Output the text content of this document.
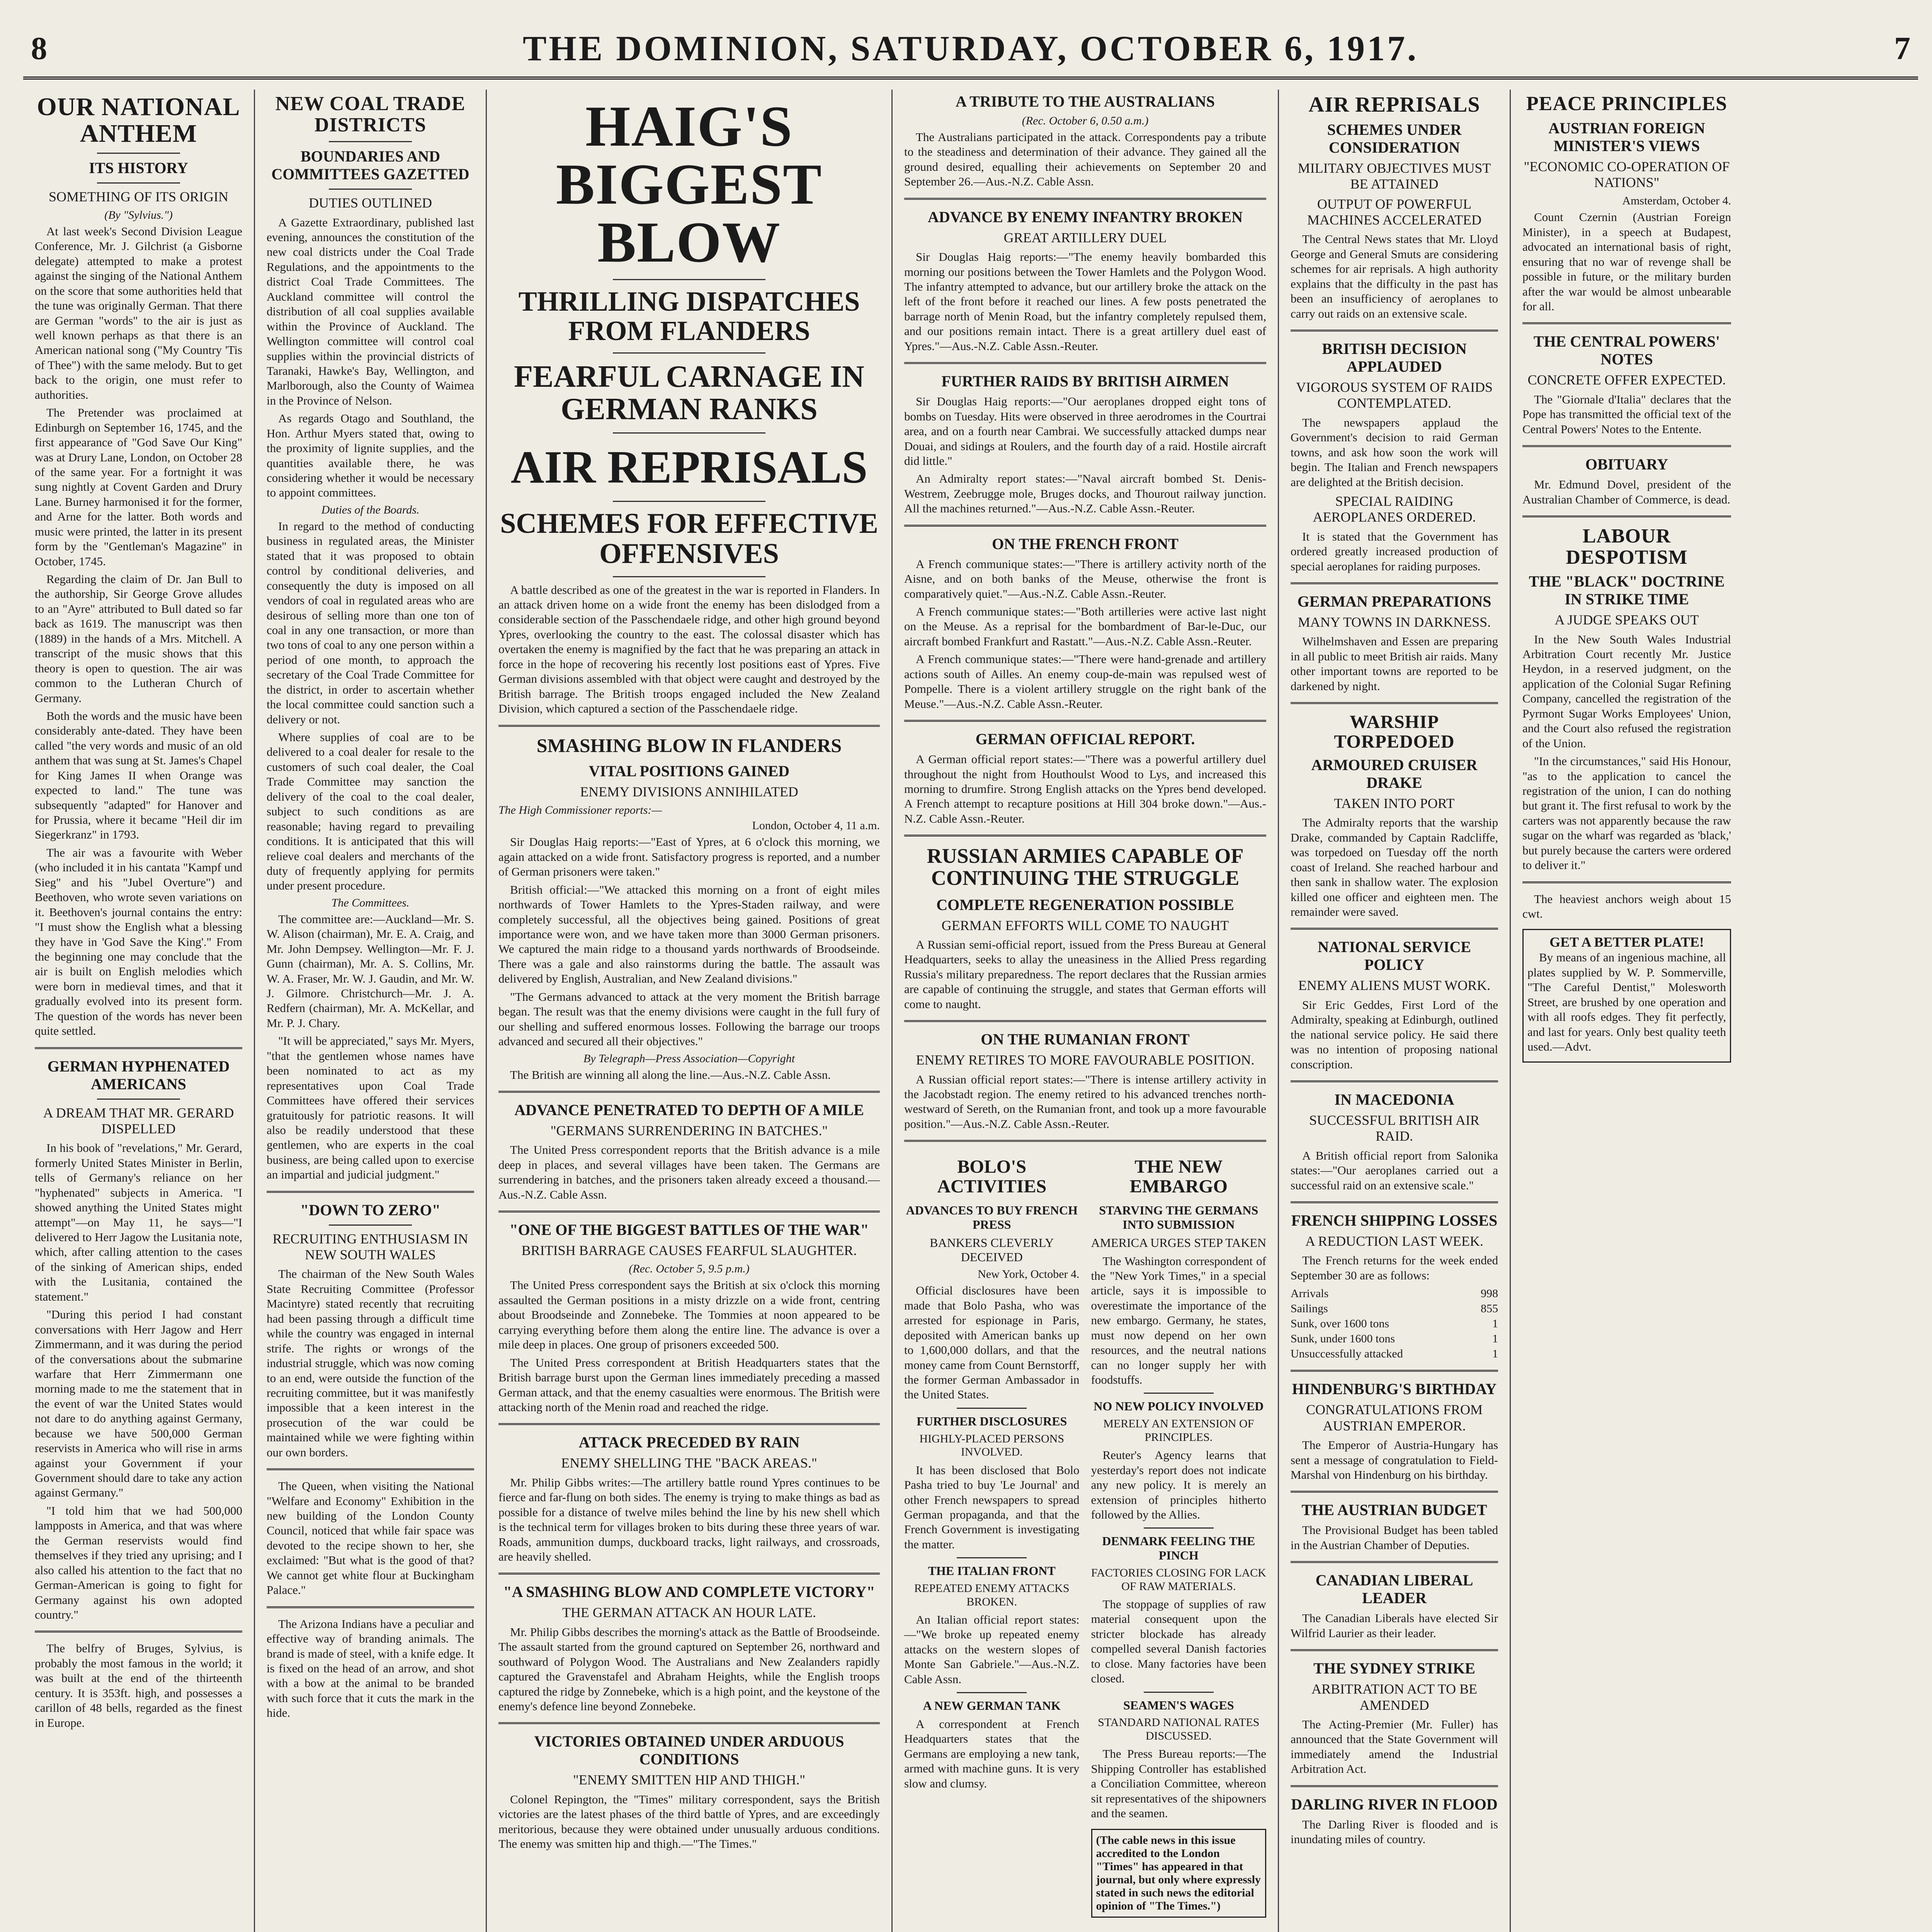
8	THE DOMINION, SATURDAY, OCTOBER 6, 1917.	7
OUR NATIONAL ANTHEM
ITS HISTORY
SOMETHING OF ITS ORIGIN
(By "Sylvius.")

At last week's Second Division League Conference, Mr. J. Gilchrist (a Gisborne delegate) attempted to make a protest against the singing of the National Anthem on the score that some authorities held that the tune was originally German. That there are German "words" to the air is just as well known perhaps as that there is an American national song ("My Country 'Tis of Thee") with the same melody. But to get back to the origin, one must refer to authorities.

The Pretender was proclaimed at Edinburgh on September 16, 1745, and the first appearance of "God Save Our King" was at Drury Lane, London, on October 28 of the same year. For a fortnight it was sung nightly at Covent Garden and Drury Lane. Burney harmonised it for the former, and Arne for the latter. Both words and music were printed, the latter in its present form by the "Gentleman's Magazine" in October, 1745.

Regarding the claim of Dr. Jan Bull to the authorship, Sir George Grove alludes to an "Ayre" attributed to Bull dated so far back as 1619. The manuscript was then (1889) in the hands of a Mrs. Mitchell. A transcript of the music shows that this theory is open to question. The air was common to the Lutheran Church of Germany.

Both the words and the music have been considerably ante-dated. They have been called "the very words and music of an old anthem that was sung at St. James's Chapel for King James II when Orange was expected to land." The tune was subsequently "adapted" for Hanover and for Prussia, where it became "Heil dir im Siegerkranz" in 1793.

The air was a favourite with Weber (who included it in his cantata "Kampf und Sieg" and his "Jubel Overture") and Beethoven, who wrote seven variations on it. Beethoven's journal contains the entry: "I must show the English what a blessing they have in 'God Save the King'." From the beginning one may conclude that the air is built on English melodies which were born in medieval times, and that it gradually evolved into its present form. The question of the words has never been quite settled.

GERMAN HYPHENATED AMERICANS
A DREAM THAT MR. GERARD DISPELLED

In his book of "revelations," Mr. Gerard, formerly United States Minister in Berlin, tells of Germany's reliance on her "hyphenated" subjects in America. "I showed anything the United States might attempt"—on May 11, he says—"I delivered to Herr Jagow the Lusitania note, which, after calling attention to the cases of the sinking of American ships, ended with the Lusitania, contained the statement."

"During this period I had constant conversations with Herr Jagow and Herr Zimmermann, and it was during the period of the conversations about the submarine warfare that Herr Zimmermann one morning made to me the statement that in the event of war the United States would not dare to do anything against Germany, because we have 500,000 German reservists in America who will rise in arms against your Government if your Government should dare to take any action against Germany."

"I told him that we had 500,000 lampposts in America, and that was where the German reservists would find themselves if they tried any uprising; and I also called his attention to the fact that no German-American is going to fight for Germany against his own adopted country."

The belfry of Bruges, Sylvius, is probably the most famous in the world; it was built at the end of the thirteenth century. It is 353ft. high, and possesses a carillon of 48 bells, regarded as the finest in Europe.

NEW COAL TRADE DISTRICTS
BOUNDARIES AND COMMITTEES GAZETTED
DUTIES OUTLINED

A Gazette Extraordinary, published last evening, announces the constitution of the new coal districts under the Coal Trade Regulations, and the appointments to the district Coal Trade Committees. The Auckland committee will control the distribution of all coal supplies available within the Province of Auckland. The Wellington committee will control coal supplies within the provincial districts of Taranaki, Hawke's Bay, Wellington, and Marlborough, also the County of Waimea in the Province of Nelson.

As regards Otago and Southland, the Hon. Arthur Myers stated that, owing to the proximity of lignite supplies, and the quantities available there, he was considering whether it would be necessary to appoint committees.

Duties of the Boards.

In regard to the method of conducting business in regulated areas, the Minister stated that it was proposed to obtain control by conditional deliveries, and consequently the duty is imposed on all vendors of coal in regulated areas who are desirous of selling more than one ton of coal in any one transaction, or more than two tons of coal to any one person within a period of one month, to approach the secretary of the Coal Trade Committee for the district, in order to ascertain whether the local committee could sanction such a delivery or not.

Where supplies of coal are to be delivered to a coal dealer for resale to the customers of such coal dealer, the Coal Trade Committee may sanction the delivery of the coal to the coal dealer, subject to such conditions as are reasonable; having regard to prevailing conditions. It is anticipated that this will relieve coal dealers and merchants of the duty of frequently applying for permits under present procedure.

The Committees.

The committee are:—Auckland—Mr. S. W. Alison (chairman), Mr. E. A. Craig, and Mr. John Dempsey. Wellington—Mr. F. J. Gunn (chairman), Mr. A. S. Collins, Mr. W. A. Fraser, Mr. W. J. Gaudin, and Mr. W. J. Gilmore. Christchurch—Mr. J. A. Redfern (chairman), Mr. A. McKellar, and Mr. P. J. Chary.

"It will be appreciated," says Mr. Myers, "that the gentlemen whose names have been nominated to act as my representatives upon Coal Trade Committees have offered their services gratuitously for patriotic reasons. It will also be readily understood that these gentlemen, who are experts in the coal business, are being called upon to exercise an impartial and judicial judgment."

"DOWN TO ZERO"
RECRUITING ENTHUSIASM IN NEW SOUTH WALES

The chairman of the New South Wales State Recruiting Committee (Professor Macintyre) stated recently that recruiting had been passing through a difficult time while the country was engaged in internal strife. The rights or wrongs of the industrial struggle, which was now coming to an end, were outside the function of the recruiting committee, but it was manifestly impossible that a keen interest in the prosecution of the war could be maintained while we were fighting within our own borders.

The Queen, when visiting the National "Welfare and Economy" Exhibition in the new building of the London County Council, noticed that while fair space was devoted to the recipe shown to her, she exclaimed: "But what is the good of that? We cannot get white flour at Buckingham Palace."

The Arizona Indians have a peculiar and effective way of branding animals. The brand is made of steel, with a knife edge. It is fixed on the head of an arrow, and shot with a bow at the animal to be branded with such force that it cuts the mark in the hide.

HAIG'S BIGGEST BLOW
THRILLING DISPATCHES FROM FLANDERS
FEARFUL CARNAGE IN GERMAN RANKS
AIR REPRISALS
SCHEMES FOR EFFECTIVE OFFENSIVES

A battle described as one of the greatest in the war is reported in Flanders. In an attack driven home on a wide front the enemy has been dislodged from a considerable section of the Passchendaele ridge, and other high ground beyond Ypres, overlooking the country to the east. The colossal disaster which has overtaken the enemy is magnified by the fact that he was preparing an attack in force in the hope of recovering his recently lost positions east of Ypres. Five German divisions assembled with that object were caught and destroyed by the British barrage. The British troops engaged included the New Zealand Division, which captured a section of the Passchendaele ridge.

SMASHING BLOW IN FLANDERS
VITAL POSITIONS GAINED
ENEMY DIVISIONS ANNIHILATED
The High Commissioner reports:—
London, October 4, 11 a.m.

Sir Douglas Haig reports:—"East of Ypres, at 6 o'clock this morning, we again attacked on a wide front. Satisfactory progress is reported, and a number of German prisoners were taken."

British official:—"We attacked this morning on a front of eight miles northwards of Tower Hamlets to the Ypres-Staden railway, and were completely successful, all the objectives being gained. Positions of great importance were won, and we have taken more than 3000 German prisoners. We captured the main ridge to a thousand yards northwards of Broodseinde. There was a gale and also rainstorms during the battle. The assault was delivered by English, Australian, and New Zealand divisions."

"The Germans advanced to attack at the very moment the British barrage began. The result was that the enemy divisions were caught in the full fury of our shelling and suffered enormous losses. Following the barrage our troops advanced and secured all their objectives."

By Telegraph—Press Association—Copyright

The British are winning all along the line.—Aus.-N.Z. Cable Assn.

ADVANCE PENETRATED TO DEPTH OF A MILE
"GERMANS SURRENDERING IN BATCHES."

The United Press correspondent reports that the British advance is a mile deep in places, and several villages have been taken. The Germans are surrendering in batches, and the prisoners taken already exceed a thousand.—Aus.-N.Z. Cable Assn.

"ONE OF THE BIGGEST BATTLES OF THE WAR"
BRITISH BARRAGE CAUSES FEARFUL SLAUGHTER.
(Rec. October 5, 9.5 p.m.)

The United Press correspondent says the British at six o'clock this morning assaulted the German positions in a misty drizzle on a wide front, centring about Broodseinde and Zonnebeke. The Tommies at noon appeared to be carrying everything before them along the entire line. The advance is over a mile deep in places. One group of prisoners exceeded 500.

The United Press correspondent at British Headquarters states that the British barrage burst upon the German lines immediately preceding a massed German attack, and that the enemy casualties were enormous. The British were attacking north of the Menin road and reached the ridge.

ATTACK PRECEDED BY RAIN
ENEMY SHELLING THE "BACK AREAS."

Mr. Philip Gibbs writes:—The artillery battle round Ypres continues to be fierce and far-flung on both sides. The enemy is trying to make things as bad as possible for a distance of twelve miles behind the line by his new shell which is the technical term for villages broken to bits during these three years of war. Roads, ammunition dumps, duckboard tracks, light railways, and crossroads, are heavily shelled.

"A SMASHING BLOW AND COMPLETE VICTORY"
THE GERMAN ATTACK AN HOUR LATE.

Mr. Philip Gibbs describes the morning's attack as the Battle of Broodseinde. The assault started from the ground captured on September 26, northward and southward of Polygon Wood. The Australians and New Zealanders rapidly captured the Gravenstafel and Abraham Heights, while the English troops captured the ridge by Zonnebeke, which is a high point, and the keystone of the enemy's defence line beyond Zonnebeke.

VICTORIES OBTAINED UNDER ARDUOUS CONDITIONS
"ENEMY SMITTEN HIP AND THIGH."

Colonel Repington, the "Times" military correspondent, says the British victories are the latest phases of the third battle of Ypres, and are exceedingly meritorious, because they were obtained under unusually arduous conditions. The enemy was smitten hip and thigh.—"The Times."

A TRIBUTE TO THE AUSTRALIANS
(Rec. October 6, 0.50 a.m.)

The Australians participated in the attack. Correspondents pay a tribute to the steadiness and determination of their advance. They gained all the ground desired, equalling their achievements on September 20 and September 26.—Aus.-N.Z. Cable Assn.

ADVANCE BY ENEMY INFANTRY BROKEN
GREAT ARTILLERY DUEL

Sir Douglas Haig reports:—"The enemy heavily bombarded this morning our positions between the Tower Hamlets and the Polygon Wood. The infantry attempted to advance, but our artillery broke the attack on the left of the front before it reached our lines. A few posts penetrated the barrage north of Menin Road, but the infantry completely repulsed them, and our positions remain intact. There is a great artillery duel east of Ypres."—Aus.-N.Z. Cable Assn.-Reuter.

FURTHER RAIDS BY BRITISH AIRMEN

Sir Douglas Haig reports:—"Our aeroplanes dropped eight tons of bombs on Tuesday. Hits were observed in three aerodromes in the Courtrai area, and on a fourth near Cambrai. We successfully attacked dumps near Douai, and sidings at Roulers, and the fourth day of a raid. Hostile aircraft did little."

An Admiralty report states:—"Naval aircraft bombed St. Denis-Westrem, Zeebrugge mole, Bruges docks, and Thourout railway junction. All the machines returned."—Aus.-N.Z. Cable Assn.-Reuter.

ON THE FRENCH FRONT

A French communique states:—"There is artillery activity north of the Aisne, and on both banks of the Meuse, otherwise the front is comparatively quiet."—Aus.-N.Z. Cable Assn.-Reuter.

A French communique states:—"Both artilleries were active last night on the Meuse. As a reprisal for the bombardment of Bar-le-Duc, our aircraft bombed Frankfurt and Rastatt."—Aus.-N.Z. Cable Assn.-Reuter.

A French communique states:—"There were hand-grenade and artillery actions south of Ailles. An enemy coup-de-main was repulsed west of Pompelle. There is a violent artillery struggle on the right bank of the Meuse."—Aus.-N.Z. Cable Assn.-Reuter.

GERMAN OFFICIAL REPORT.

A German official report states:—"There was a powerful artillery duel throughout the night from Houthoulst Wood to Lys, and increased this morning to drumfire. Strong English attacks on the Ypres bend developed. A French attempt to recapture positions at Hill 304 broke down."—Aus.-N.Z. Cable Assn.-Reuter.

RUSSIAN ARMIES CAPABLE OF CONTINUING THE STRUGGLE
COMPLETE REGENERATION POSSIBLE
GERMAN EFFORTS WILL COME TO NAUGHT

A Russian semi-official report, issued from the Press Bureau at General Headquarters, seeks to allay the uneasiness in the Allied Press regarding Russia's military preparedness. The report declares that the Russian armies are capable of continuing the struggle, and states that German efforts will come to naught.

ON THE RUMANIAN FRONT
ENEMY RETIRES TO MORE FAVOURABLE POSITION.

A Russian official report states:—"There is intense artillery activity in the Jacobstadt region. The enemy retired to his advanced trenches north-westward of Sereth, on the Rumanian front, and took up a more favourable position."—Aus.-N.Z. Cable Assn.-Reuter.

BOLO'S ACTIVITIES
ADVANCES TO BUY FRENCH PRESS
BANKERS CLEVERLY DECEIVED
New York, October 4.

Official disclosures have been made that Bolo Pasha, who was arrested for espionage in Paris, deposited with American banks up to 1,600,000 dollars, and that the money came from Count Bernstorff, the former German Ambassador in the United States.

FURTHER DISCLOSURES
HIGHLY-PLACED PERSONS INVOLVED.

It has been disclosed that Bolo Pasha tried to buy 'Le Journal' and other French newspapers to spread German propaganda, and that the French Government is investigating the matter.

THE ITALIAN FRONT
REPEATED ENEMY ATTACKS BROKEN.

An Italian official report states:—"We broke up repeated enemy attacks on the western slopes of Monte San Gabriele."—Aus.-N.Z. Cable Assn.

A NEW GERMAN TANK

A correspondent at French Headquarters states that the Germans are employing a new tank, armed with machine guns. It is very slow and clumsy.

THE NEW EMBARGO
STARVING THE GERMANS INTO SUBMISSION
AMERICA URGES STEP TAKEN

The Washington correspondent of the "New York Times," in a special article, says it is impossible to overestimate the importance of the new embargo. Germany, he states, must now depend on her own resources, and the neutral nations can no longer supply her with foodstuffs.

NO NEW POLICY INVOLVED
MERELY AN EXTENSION OF PRINCIPLES.

Reuter's Agency learns that yesterday's report does not indicate any new policy. It is merely an extension of principles hitherto followed by the Allies.

DENMARK FEELING THE PINCH
FACTORIES CLOSING FOR LACK OF RAW MATERIALS.

The stoppage of supplies of raw material consequent upon the stricter blockade has already compelled several Danish factories to close. Many factories have been closed.

SEAMEN'S WAGES
STANDARD NATIONAL RATES DISCUSSED.

The Press Bureau reports:—The Shipping Controller has established a Conciliation Committee, whereon sit representatives of the shipowners and the seamen.

(The cable news in this issue accredited to the London "Times" has appeared in that journal, but only where expressly stated in such news the editorial opinion of "The Times.")
AIR REPRISALS
SCHEMES UNDER CONSIDERATION
MILITARY OBJECTIVES MUST BE ATTAINED
OUTPUT OF POWERFUL MACHINES ACCELERATED

The Central News states that Mr. Lloyd George and General Smuts are considering schemes for air reprisals. A high authority explains that the difficulty in the past has been an insufficiency of aeroplanes to carry out raids on an extensive scale.

BRITISH DECISION APPLAUDED
VIGOROUS SYSTEM OF RAIDS CONTEMPLATED.

The newspapers applaud the Government's decision to raid German towns, and ask how soon the work will begin. The Italian and French newspapers are delighted at the British decision.

SPECIAL RAIDING AEROPLANES ORDERED.

It is stated that the Government has ordered greatly increased production of special aeroplanes for raiding purposes.

GERMAN PREPARATIONS
MANY TOWNS IN DARKNESS.

Wilhelmshaven and Essen are preparing in all public to meet British air raids. Many other important towns are reported to be darkened by night.

WARSHIP TORPEDOED
ARMOURED CRUISER DRAKE
TAKEN INTO PORT

The Admiralty reports that the warship Drake, commanded by Captain Radcliffe, was torpedoed on Tuesday off the north coast of Ireland. She reached harbour and then sank in shallow water. The explosion killed one officer and eighteen men. The remainder were saved.

NATIONAL SERVICE POLICY
ENEMY ALIENS MUST WORK.

Sir Eric Geddes, First Lord of the Admiralty, speaking at Edinburgh, outlined the national service policy. He said there was no intention of proposing national conscription.

IN MACEDONIA
SUCCESSFUL BRITISH AIR RAID.

A British official report from Salonika states:—"Our aeroplanes carried out a successful raid on an extensive scale."

FRENCH SHIPPING LOSSES
A REDUCTION LAST WEEK.

The French returns for the week ended September 30 are as follows:

Arrivals	998
Sailings	855
Sunk, over 1600 tons	1
Sunk, under 1600 tons	1
Unsuccessfully attacked	1
HINDENBURG'S BIRTHDAY
CONGRATULATIONS FROM AUSTRIAN EMPEROR.

The Emperor of Austria-Hungary has sent a message of congratulation to Field-Marshal von Hindenburg on his birthday.

THE AUSTRIAN BUDGET

The Provisional Budget has been tabled in the Austrian Chamber of Deputies.

CANADIAN LIBERAL LEADER

The Canadian Liberals have elected Sir Wilfrid Laurier as their leader.

THE SYDNEY STRIKE
ARBITRATION ACT TO BE AMENDED

The Acting-Premier (Mr. Fuller) has announced that the State Government will immediately amend the Industrial Arbitration Act.

DARLING RIVER IN FLOOD

The Darling River is flooded and is inundating miles of country.

PEACE PRINCIPLES
AUSTRIAN FOREIGN MINISTER'S VIEWS
"ECONOMIC CO-OPERATION OF NATIONS"
Amsterdam, October 4.

Count Czernin (Austrian Foreign Minister), in a speech at Budapest, advocated an international basis of right, ensuring that no war of revenge shall be possible in future, or the military burden after the war would be almost unbearable for all.

THE CENTRAL POWERS' NOTES
CONCRETE OFFER EXPECTED.

The "Giornale d'Italia" declares that the Pope has transmitted the official text of the Central Powers' Notes to the Entente.

OBITUARY

Mr. Edmund Dovel, president of the Australian Chamber of Commerce, is dead.

LABOUR DESPOTISM
THE "BLACK" DOCTRINE IN STRIKE TIME
A JUDGE SPEAKS OUT

In the New South Wales Industrial Arbitration Court recently Mr. Justice Heydon, in a reserved judgment, on the application of the Colonial Sugar Refining Company, cancelled the registration of the Pyrmont Sugar Works Employees' Union, and the Court also refused the registration of the Union.

"In the circumstances," said His Honour, "as to the application to cancel the registration of the union, I can do nothing but grant it. The first refusal to work by the carters was not apparently because the raw sugar on the wharf was regarded as 'black,' but purely because the carters were ordered to deliver it."

The heaviest anchors weigh about 15 cwt.

GET A BETTER PLATE!

By means of an ingenious machine, all plates supplied by W. P. Sommerville, "The Careful Dentist," Molesworth Street, are brushed by one operation and with all roofs edges. They fit perfectly, and last for years. Only best quality teeth used.—Advt.
